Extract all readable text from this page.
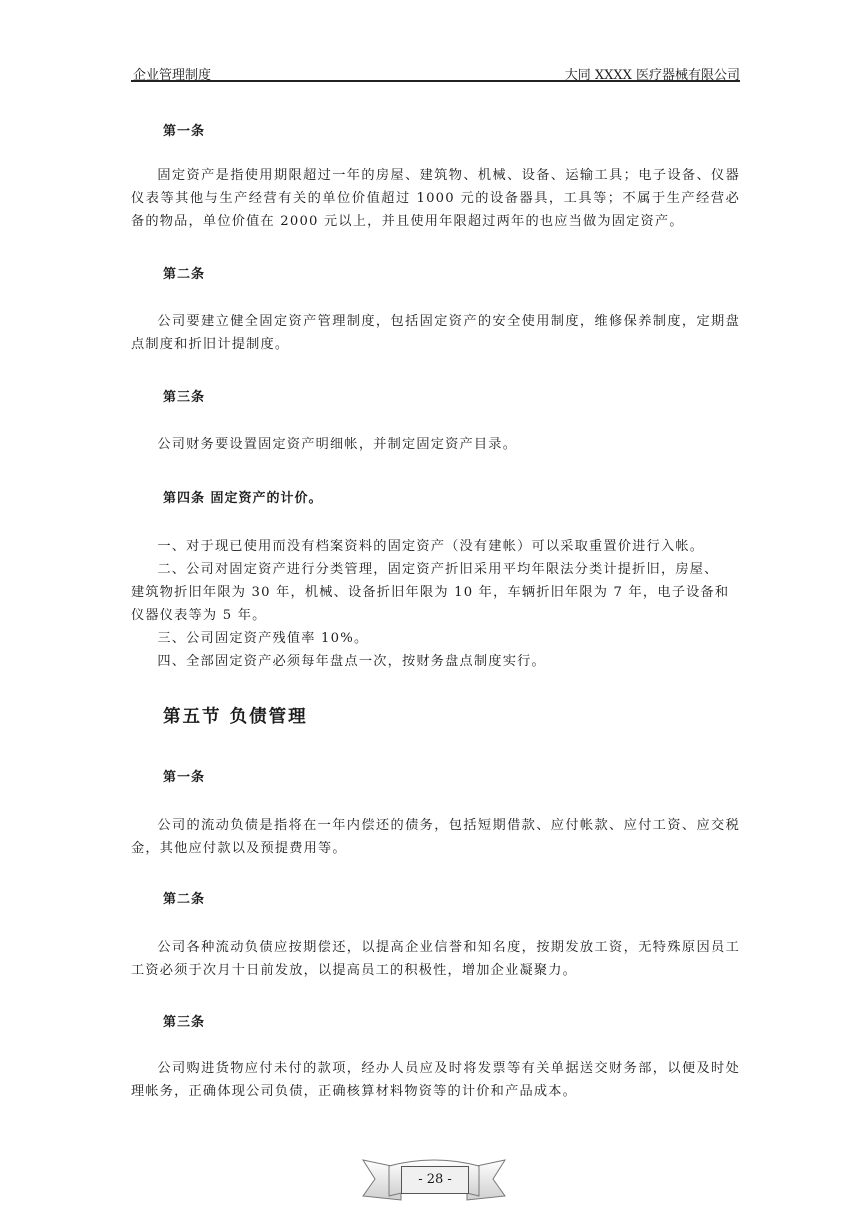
企业管理制度	大同 XXXX 医疗器械有限公司
第一条

固定资产是指使用期限超过一年的房屋、建筑物、机械、设备、运输工具；电子设备、仪器仪表等其他与生产经营有关的单位价值超过 1000 元的设备器具，工具等；不属于生产经营必备的物品，单位价值在 2000 元以上，并且使用年限超过两年的也应当做为固定资产。

第二条

公司要建立健全固定资产管理制度，包括固定资产的安全使用制度，维修保养制度，定期盘点制度和折旧计提制度。

第三条

公司财务要设置固定资产明细帐，并制定固定资产目录。

第四条 固定资产的计价。
一、对于现已使用而没有档案资料的固定资产（没有建帐）可以采取重置价进行入帐。
二、公司对固定资产进行分类管理，固定资产折旧采用平均年限法分类计提折旧，房屋、
建筑物折旧年限为 30 年，机械、设备折旧年限为 10 年，车辆折旧年限为 7 年，电子设备和
仪器仪表等为 5 年。
三、公司固定资产残值率 10%。
四、全部固定资产必须每年盘点一次，按财务盘点制度实行。
第五节 负债管理
第一条

公司的流动负债是指将在一年内偿还的债务，包括短期借款、应付帐款、应付工资、应交税金，其他应付款以及预提费用等。

第二条

公司各种流动负债应按期偿还，以提高企业信誉和知名度，按期发放工资，无特殊原因员工工资必须于次月十日前发放，以提高员工的积极性，增加企业凝聚力。

第三条

公司购进货物应付未付的款项，经办人员应及时将发票等有关单据送交财务部，以便及时处理帐务，正确体现公司负债，正确核算材料物资等的计价和产品成本。

- 28 -
